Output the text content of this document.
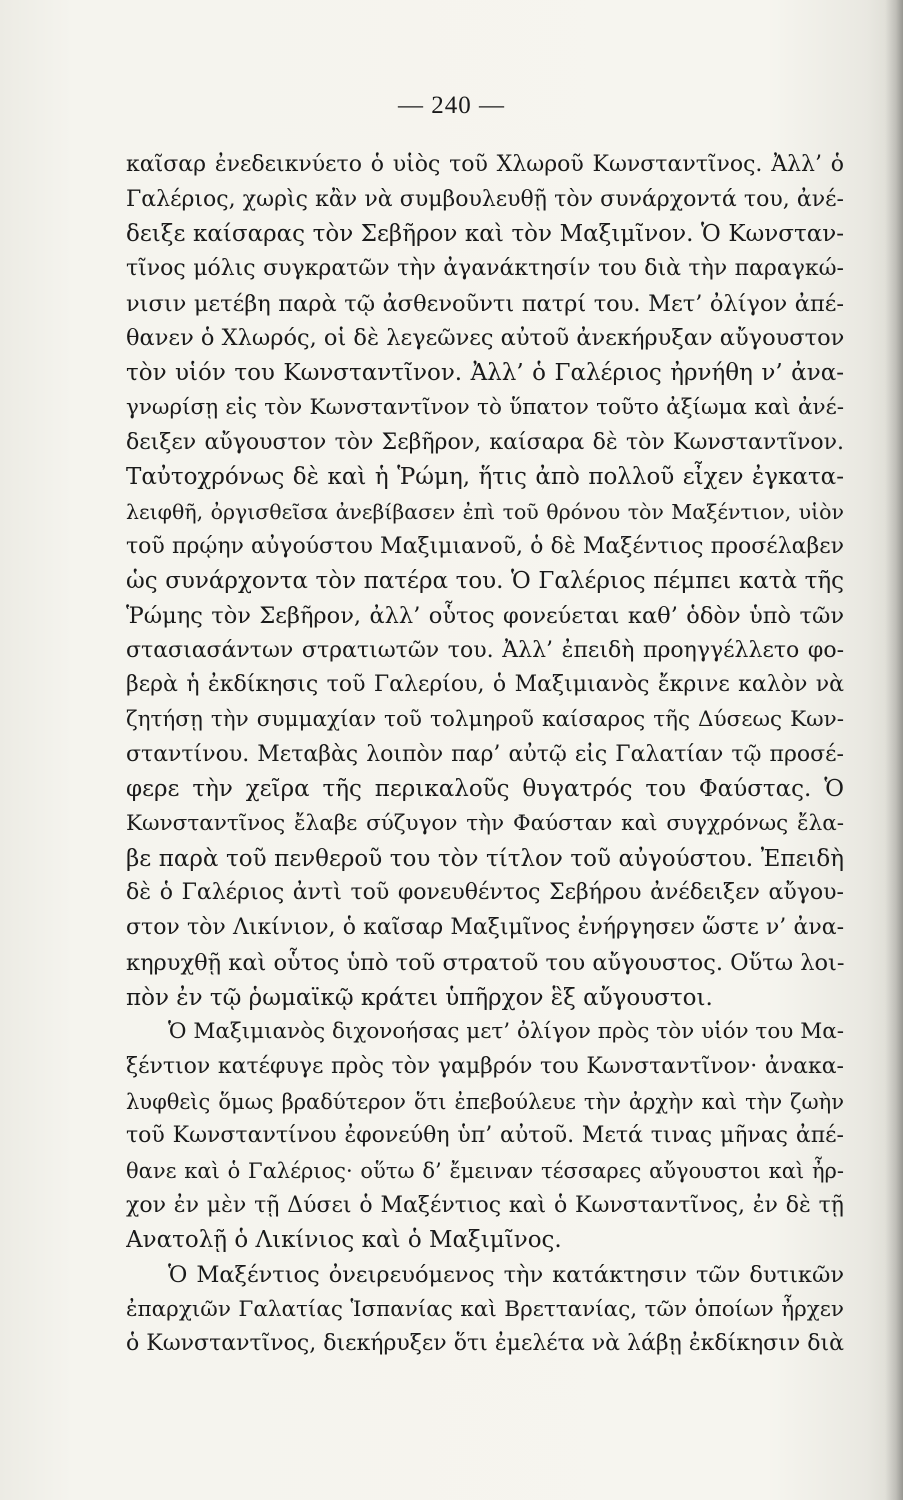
— 240 —
καῖσαρ ἐνεδεικνύετο ὁ υἱὸς τοῦ Χλωροῦ Κωνσταντῖνος. Ἀλλ’ ὁ
Γαλέριος, χωρὶς κἂν νὰ συμβουλευθῇ τὸν συνάρχοντά του, ἀνέ-
δειξε καίσαρας τὸν Σεβῆρον καὶ τὸν Μαξιμῖνον. Ὁ Κωνσταν-
τῖνος μόλις συγκρατῶν τὴν ἀγανάκτησίν του διὰ τὴν παραγκώ-
νισιν μετέβη παρὰ τῷ ἀσθενοῦντι πατρί του. Μετ’ ὀλίγον ἀπέ-
θανεν ὁ Χλωρός, οἱ δὲ λεγεῶνες αὐτοῦ ἀνεκήρυξαν αὔγουστον
τὸν υἱόν του Κωνσταντῖνον. Ἀλλ’ ὁ Γαλέριος ἠρνήθη ν’ ἀνα-
γνωρίσῃ εἰς τὸν Κωνσταντῖνον τὸ ὕπατον τοῦτο ἀξίωμα καὶ ἀνέ-
δειξεν αὔγουστον τὸν Σεβῆρον, καίσαρα δὲ τὸν Κωνσταντῖνον.
Ταὐτοχρόνως δὲ καὶ ἡ Ῥώμη, ἥτις ἀπὸ πολλοῦ εἶχεν ἐγκατα-
λειφθῆ, ὀργισθεῖσα ἀνεβίβασεν ἐπὶ τοῦ θρόνου τὸν Μαξέντιον, υἱὸν
τοῦ πρῴην αὐγούστου Μαξιμιανοῦ, ὁ δὲ Μαξέντιος προσέλαβεν
ὡς συνάρχοντα τὸν πατέρα του. Ὁ Γαλέριος πέμπει κατὰ τῆς
Ῥώμης τὸν Σεβῆρον, ἀλλ’ οὗτος φονεύεται καθ’ ὁδὸν ὑπὸ τῶν
στασιασάντων στρατιωτῶν του. Ἀλλ’ ἐπειδὴ προηγγέλλετο φο-
βερὰ ἡ ἐκδίκησις τοῦ Γαλερίου, ὁ Μαξιμιανὸς ἔκρινε καλὸν νὰ
ζητήσῃ τὴν συμμαχίαν τοῦ τολμηροῦ καίσαρος τῆς Δύσεως Κων-
σταντίνου. Μεταβὰς λοιπὸν παρ’ αὐτῷ εἰς Γαλατίαν τῷ προσέ-
φερε τὴν χεῖρα τῆς περικαλοῦς θυγατρός του Φαύστας. Ὁ
Κωνσταντῖνος ἔλαβε σύζυγον τὴν Φαύσταν καὶ συγχρόνως ἔλα-
βε παρὰ τοῦ πενθεροῦ του τὸν τίτλον τοῦ αὐγούστου. Ἐπειδὴ
δὲ ὁ Γαλέριος ἀντὶ τοῦ φονευθέντος Σεβήρου ἀνέδειξεν αὔγου-
στον τὸν Λικίνιον, ὁ καῖσαρ Μαξιμῖνος ἐνήργησεν ὥστε ν’ ἀνα-
κηρυχθῇ καὶ οὗτος ὑπὸ τοῦ στρατοῦ του αὔγουστος. Οὕτω λοι-
πὸν ἐν τῷ ῥωμαϊκῷ κράτει ὑπῆρχον ἓξ αὔγουστοι.
Ὁ Μαξιμιανὸς διχονοήσας μετ’ ὀλίγον πρὸς τὸν υἱόν του Μα-
ξέντιον κατέφυγε πρὸς τὸν γαμβρόν του Κωνσταντῖνον· ἀνακα-
λυφθεὶς ὅμως βραδύτερον ὅτι ἐπεβούλευε τὴν ἀρχὴν καὶ τὴν ζωὴν
τοῦ Κωνσταντίνου ἐφονεύθη ὑπ’ αὐτοῦ. Μετά τινας μῆνας ἀπέ-
θανε καὶ ὁ Γαλέριος· οὕτω δ’ ἔμειναν τέσσαρες αὔγουστοι καὶ ἦρ-
χον ἐν μὲν τῇ Δύσει ὁ Μαξέντιος καὶ ὁ Κωνσταντῖνος, ἐν δὲ τῇ
Ανατολῇ ὁ Λικίνιος καὶ ὁ Μαξιμῖνος.
Ὁ Μαξέντιος ὀνειρευόμενος τὴν κατάκτησιν τῶν δυτικῶν
ἐπαρχιῶν Γαλατίας Ἱσπανίας καὶ Βρεττανίας, τῶν ὁποίων ἦρχεν
ὁ Κωνσταντῖνος, διεκήρυξεν ὅτι ἐμελέτα νὰ λάβῃ ἐκδίκησιν διὰ
